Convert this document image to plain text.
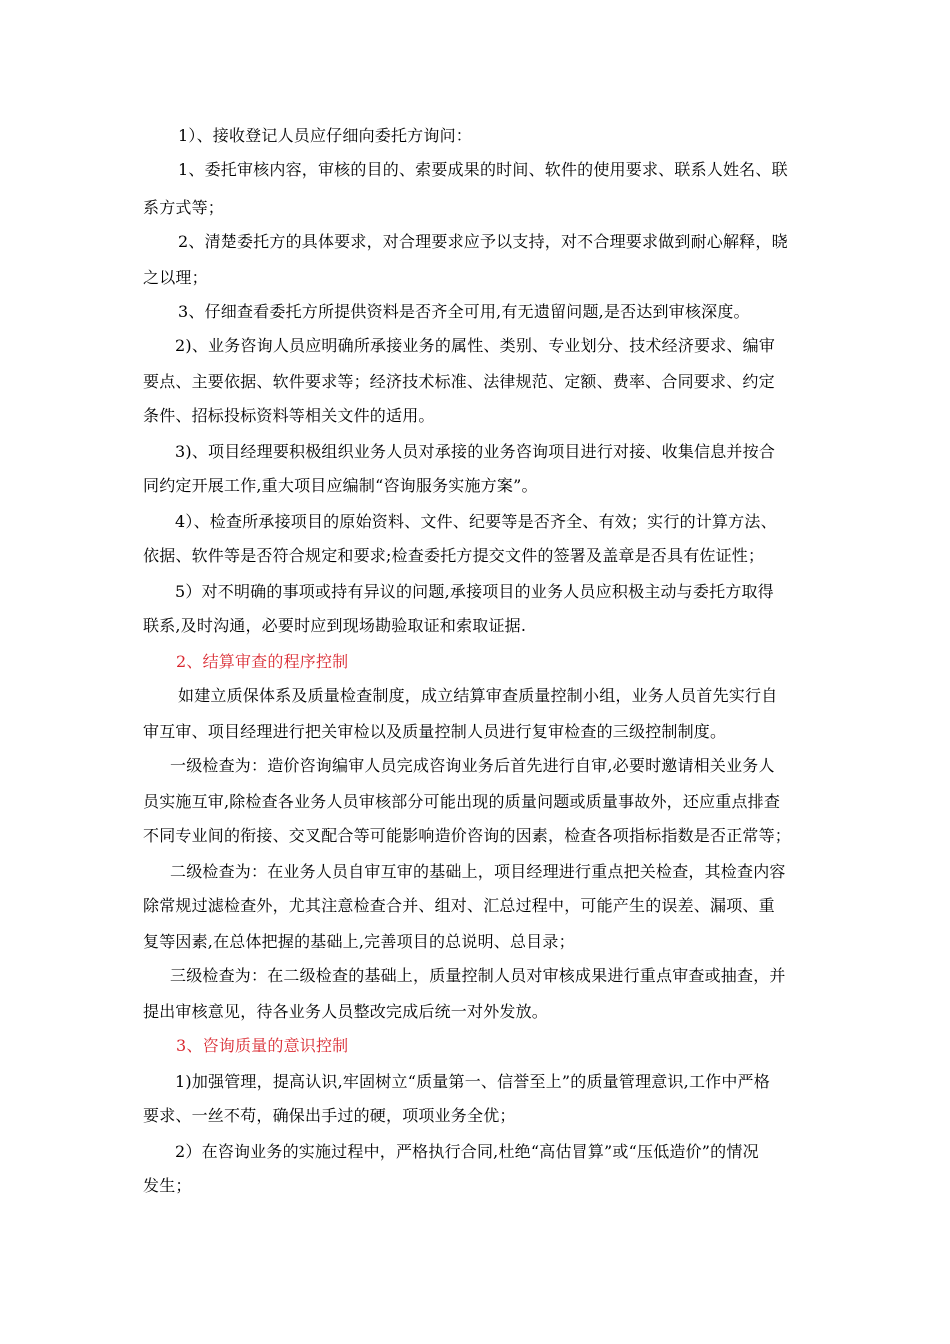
1）、接收登记人员应仔细向委托方询问：
1、委托审核内容，审核的目的、索要成果的时间、软件的使用要求、联系人姓名、联
系方式等；
2、清楚委托方的具体要求，对合理要求应予以支持，对不合理要求做到耐心解释，晓
之以理；
3、仔细查看委托方所提供资料是否齐全可用,有无遗留问题,是否达到审核深度。
2)、业务咨询人员应明确所承接业务的属性、类别、专业划分、技术经济要求、编审
要点、主要依据、软件要求等；经济技术标准、法律规范、定额、费率、合同要求、约定
条件、招标投标资料等相关文件的适用。
3)、项目经理要积极组织业务人员对承接的业务咨询项目进行对接、收集信息并按合
同约定开展工作,重大项目应编制“咨询服务实施方案”。
4）、检查所承接项目的原始资料、文件、纪要等是否齐全、有效；实行的计算方法、
依据、软件等是否符合规定和要求;检查委托方提交文件的签署及盖章是否具有佐证性；
5）对不明确的事项或持有异议的问题,承接项目的业务人员应积极主动与委托方取得
联系,及时沟通，必要时应到现场勘验取证和索取证据.
2、结算审查的程序控制
如建立质保体系及质量检查制度，成立结算审查质量控制小组，业务人员首先实行自
审互审、项目经理进行把关审检以及质量控制人员进行复审检查的三级控制制度。
一级检查为：造价咨询编审人员完成咨询业务后首先进行自审,必要时邀请相关业务人
员实施互审,除检查各业务人员审核部分可能出现的质量问题或质量事故外，还应重点排查
不同专业间的衔接、交叉配合等可能影响造价咨询的因素，检查各项指标指数是否正常等；
二级检查为：在业务人员自审互审的基础上，项目经理进行重点把关检查，其检查内容
除常规过滤检查外，尤其注意检查合并、组对、汇总过程中，可能产生的误差、漏项、重
复等因素,在总体把握的基础上,完善项目的总说明、总目录；
三级检查为：在二级检查的基础上，质量控制人员对审核成果进行重点审查或抽查，并
提出审核意见，待各业务人员整改完成后统一对外发放。
3、咨询质量的意识控制
1)加强管理，提高认识,牢固树立“质量第一、信誉至上”的质量管理意识,工作中严格
要求、一丝不苟，确保出手过的硬，项项业务全优；
2）在咨询业务的实施过程中，严格执行合同,杜绝“高估冒算”或“压低造价”的情况
发生；
